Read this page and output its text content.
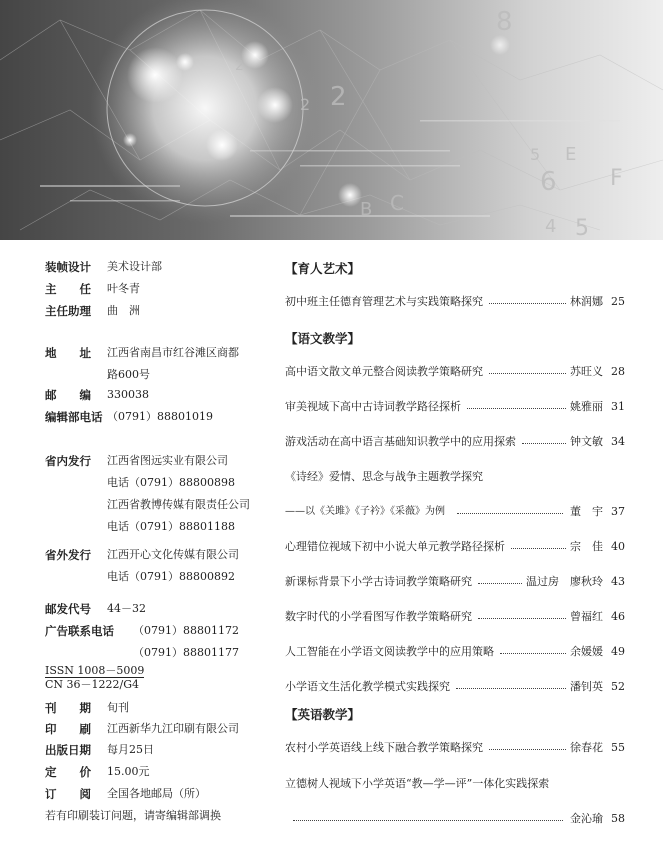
8
2
6 F
5
C
B
E
5
4
2
2
装帧设计 美术设计部
主　　任 叶冬青
主任助理 曲　洲
地　　址 江西省南昌市红谷滩区商都
路600号
邮　　编 330038
编辑部电话 （0791）88801019
省内发行 江西省图远实业有限公司
电话（0791）88800898
江西省教博传媒有限责任公司
电话（0791）88801188
省外发行 江西开心文化传媒有限公司
电话（0791）88800892
邮发代号 44－32
广告联系电话 （0791）88801172
（0791）88801177
ISSN 1008－5009
CN 36－1222/G4
刊　　期 旬刊
印　　刷 江西新华九江印刷有限公司
出版日期 每月25日
定　　价 15.00元
订　　阅 全国各地邮局（所）
若有印刷装订问题，请寄编辑部调换
【育人艺术】
初中班主任德育管理艺术与实践策略探究	林润娜 25
【语文教学】
高中语文散文单元整合阅读教学策略研究	苏旺义 28
审美视域下高中古诗词教学路径探析	姚雅丽 31
游戏活动在高中语言基础知识教学中的应用探索	钟文敏 34
《诗经》爱情、思念与战争主题教学探究
——以《关雎》《子衿》《采薇》为例	董　宇 37
心理错位视域下初中小说大单元教学路径探析	宗　佳 40
新课标背景下小学古诗词教学策略研究	温过房　廖秋玲 43
数字时代的小学看图写作教学策略研究	曾福红 46
人工智能在小学语文阅读教学中的应用策略	余媛媛 49
小学语文生活化教学模式实践探究	潘钊英 52
【英语教学】
农村小学英语线上线下融合教学策略探究	徐春花 55
立德树人视域下小学英语“教—学—评”一体化实践探索
金沁瑜 58
